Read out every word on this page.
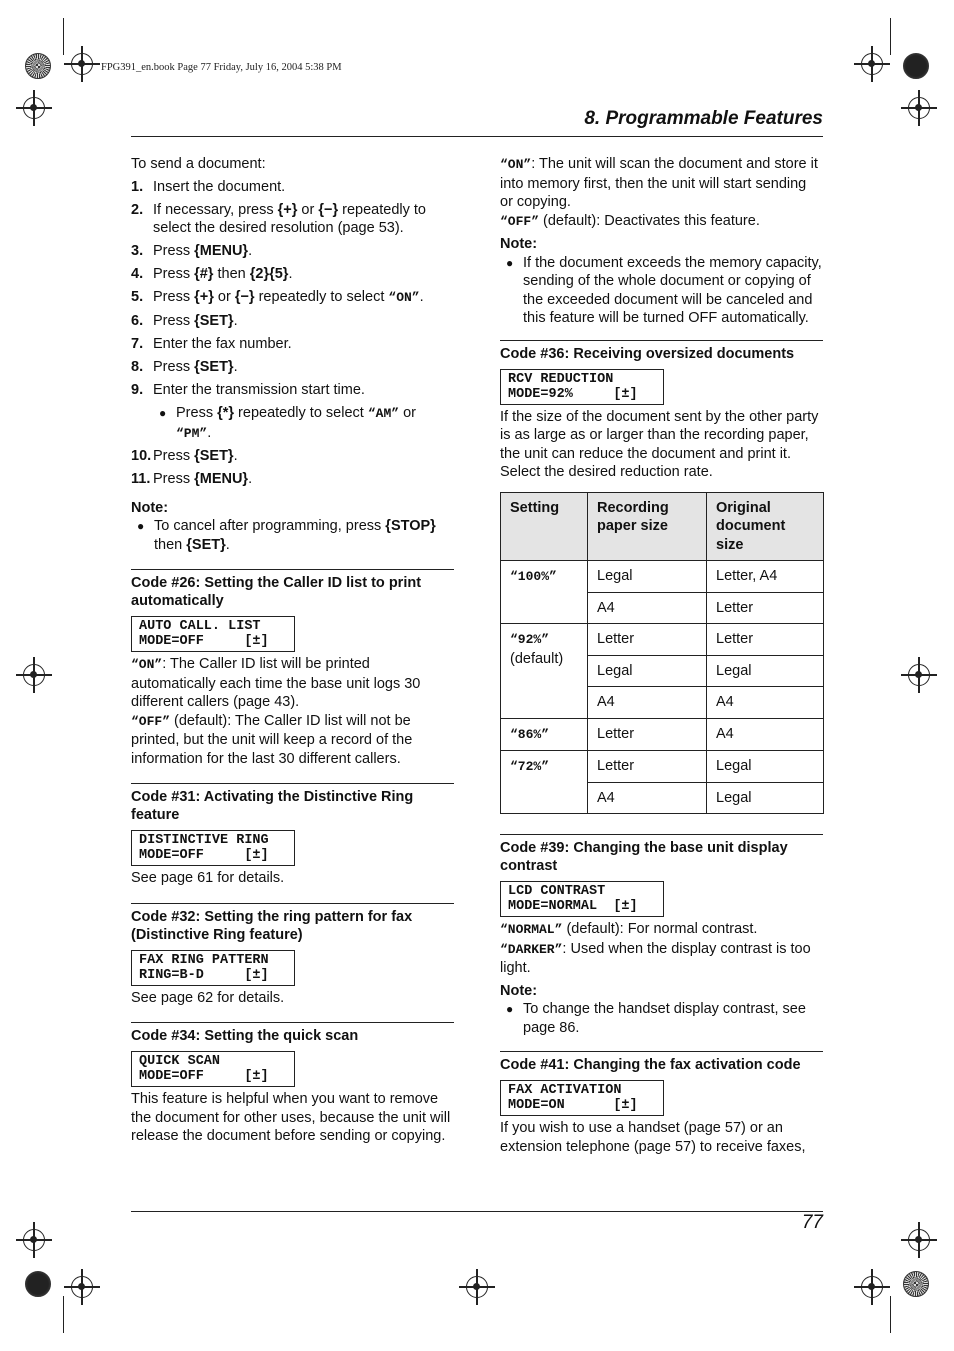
FPG391_en.book Page 77 Friday, July 16, 2004 5:38 PM
8. Programmable Features

To send a document:

1. Insert the document.
2. If necessary, press {+} or {−} repeatedly to select the desired resolution (page 53).
3. Press {MENU}.
4. Press {#} then {2}{5}.
5. Press {+} or {−} repeatedly to select “ON”.
6. Press {SET}.
7. Enter the fax number.
8. Press {SET}.
9. Enter the transmission start time.
● Press {*} repeatedly to select “AM” or “PM”.
10. Press {SET}.
11. Press {MENU}.
Note:
● To cancel after programming, press {STOP} then {SET}.
Code #26: Setting the Caller ID list to print automatically
AUTO CALL. LIST
MODE=OFF     [±]

“ON”: The Caller ID list will be printed automatically each time the base unit logs 30 different callers (page 43).

“OFF” (default): The Caller ID list will not be printed, but the unit will keep a record of the information for the last 30 different callers.

Code #31: Activating the Distinctive Ring feature
DISTINCTIVE RING
MODE=OFF     [±]

See page 61 for details.

Code #32: Setting the ring pattern for fax (Distinctive Ring feature)
FAX RING PATTERN
RING=B-D     [±]

See page 62 for details.

Code #34: Setting the quick scan
QUICK SCAN
MODE=OFF     [±]

This feature is helpful when you want to remove the document for other uses, because the unit will release the document before sending or copying.

“ON”: The unit will scan the document and store it into memory first, then the unit will start sending or copying.

“OFF” (default): Deactivates this feature.

Note:
● If the document exceeds the memory capacity, sending of the whole document or copying of the exceeded document will be canceled and this feature will be turned OFF automatically.
Code #36: Receiving oversized documents
RCV REDUCTION
MODE=92%     [±]

If the size of the document sent by the other party is as large as or larger than the recording paper, the unit can reduce the document and print it. Select the desired reduction rate.

Setting	Recording paper size	Original document size
“100%”	Legal	Letter, A4
	A4	Letter
“92%”
(default)	Letter	Letter
	Legal	Legal
	A4	A4
“86%”	Letter	A4
“72%”	Letter	Legal
	A4	Legal
Code #39: Changing the base unit display contrast
LCD CONTRAST
MODE=NORMAL  [±]

“NORMAL” (default): For normal contrast.

“DARKER”: Used when the display contrast is too light.

Note:
● To change the handset display contrast, see page 86.
Code #41: Changing the fax activation code
FAX ACTIVATION
MODE=ON      [±]

If you wish to use a handset (page 57) or an extension telephone (page 57) to receive faxes,

77
